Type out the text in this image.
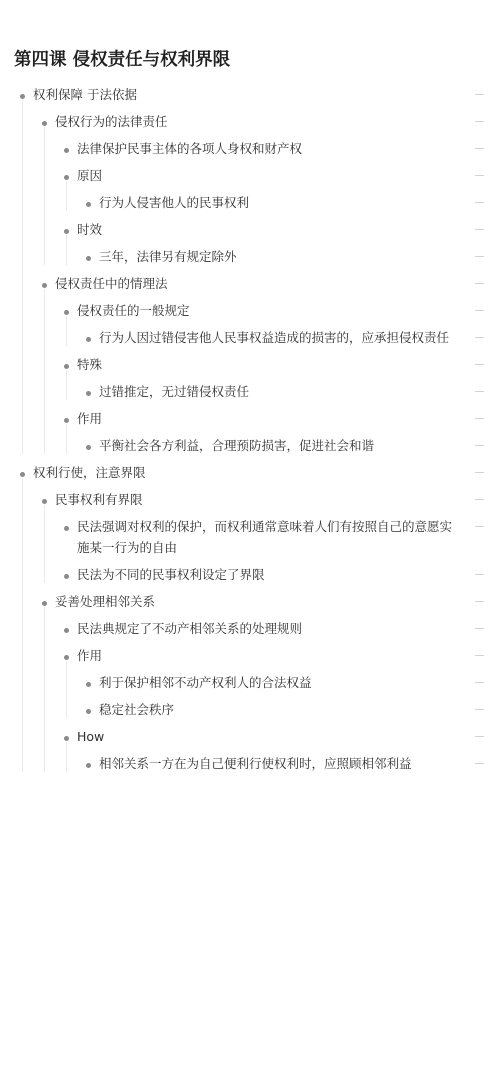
第四课 侵权责任与权利界限
权利保障 于法依据
侵权行为的法律责任
法律保护民事主体的各项人身权和财产权
原因
行为人侵害他人的民事权利
时效
三年，法律另有规定除外
侵权责任中的情理法
侵权责任的一般规定
行为人因过错侵害他人民事权益造成的损害的，应承担侵权责任
特殊
过错推定，无过错侵权责任
作用
平衡社会各方利益，合理预防损害，促进社会和谐
权利行使，注意界限
民事权利有界限
民法强调对权利的保护，而权利通常意味着人们有按照自己的意愿实施某一行为的自由
民法为不同的民事权利设定了界限
妥善处理相邻关系
民法典规定了不动产相邻关系的处理规则
作用
利于保护相邻不动产权利人的合法权益
稳定社会秩序
How
相邻关系一方在为自己便利行使权利时，应照顾相邻利益
